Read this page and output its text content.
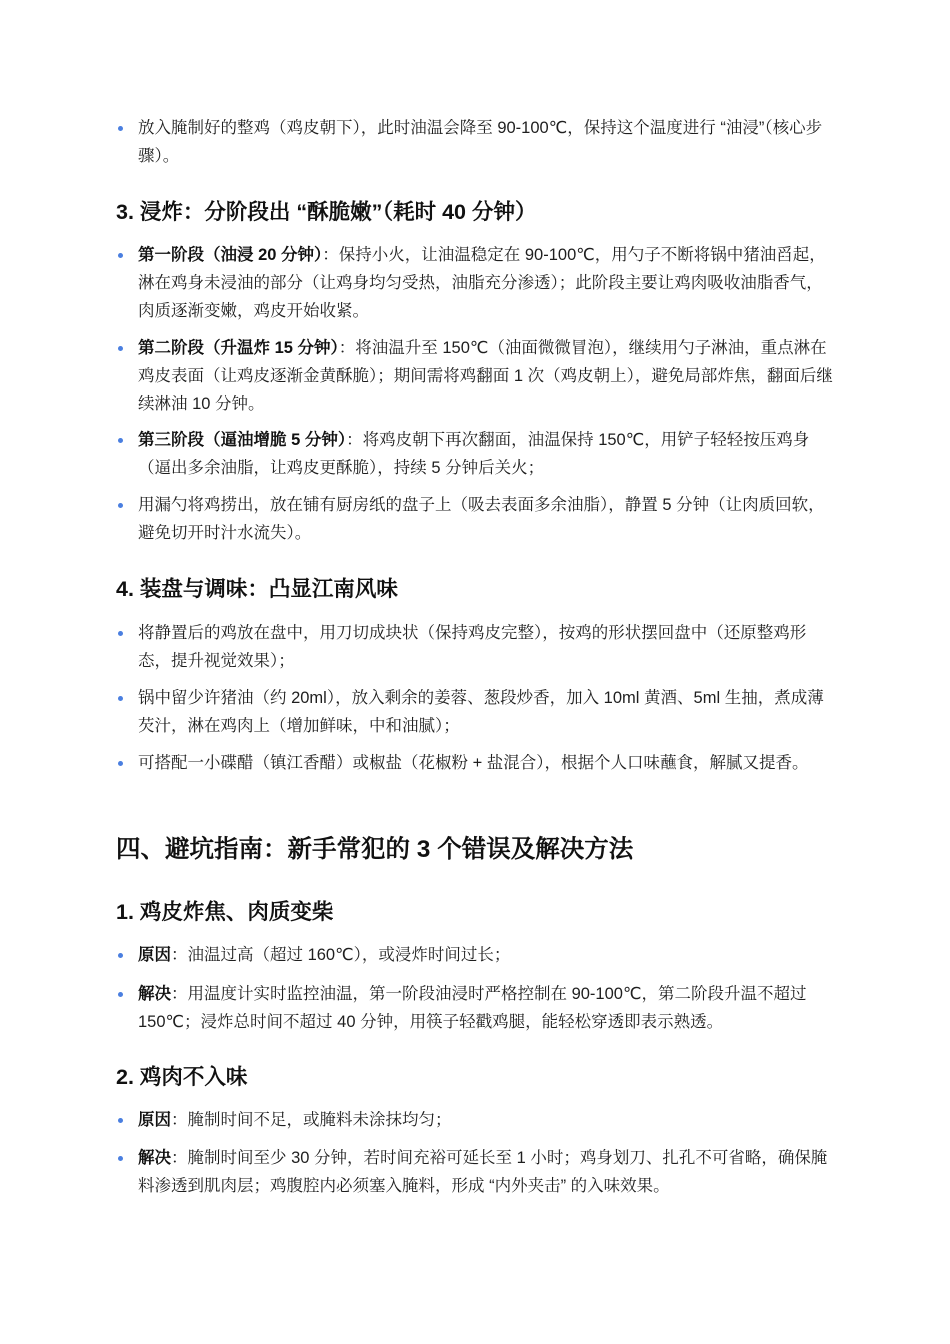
放入腌制好的整鸡（鸡皮朝下），此时油温会降至 90-100℃，保持这个温度进行 “油浸”（核心步骤）。
3. 浸炸：分阶段出 “酥脆嫩”（耗时 40 分钟）
第一阶段（油浸 20 分钟）：保持小火，让油温稳定在 90-100℃，用勺子不断将锅中猪油舀起，淋在鸡身未浸油的部分（让鸡身均匀受热，油脂充分渗透）；此阶段主要让鸡肉吸收油脂香气，肉质逐渐变嫩，鸡皮开始收紧。
第二阶段（升温炸 15 分钟）：将油温升至 150℃（油面微微冒泡），继续用勺子淋油，重点淋在鸡皮表面（让鸡皮逐渐金黄酥脆）；期间需将鸡翻面 1 次（鸡皮朝上），避免局部炸焦，翻面后继续淋油 10 分钟。
第三阶段（逼油增脆 5 分钟）：将鸡皮朝下再次翻面，油温保持 150℃，用铲子轻轻按压鸡身（逼出多余油脂，让鸡皮更酥脆），持续 5 分钟后关火；
用漏勺将鸡捞出，放在铺有厨房纸的盘子上（吸去表面多余油脂），静置 5 分钟（让肉质回软，避免切开时汁水流失）。
4. 装盘与调味：凸显江南风味
将静置后的鸡放在盘中，用刀切成块状（保持鸡皮完整），按鸡的形状摆回盘中（还原整鸡形态，提升视觉效果）；
锅中留少许猪油（约 20ml），放入剩余的姜蓉、葱段炒香，加入 10ml 黄酒、5ml 生抽，煮成薄芡汁，淋在鸡肉上（增加鲜味，中和油腻）；
可搭配一小碟醋（镇江香醋）或椒盐（花椒粉 + 盐混合），根据个人口味蘸食，解腻又提香。
四、避坑指南：新手常犯的 3 个错误及解决方法
1. 鸡皮炸焦、肉质变柴
原因：油温过高（超过 160℃），或浸炸时间过长；
解决：用温度计实时监控油温，第一阶段油浸时严格控制在 90-100℃，第二阶段升温不超过 150℃；浸炸总时间不超过 40 分钟，用筷子轻戳鸡腿，能轻松穿透即表示熟透。
2. 鸡肉不入味
原因：腌制时间不足，或腌料未涂抹均匀；
解决：腌制时间至少 30 分钟，若时间充裕可延长至 1 小时；鸡身划刀、扎孔不可省略，确保腌料渗透到肌肉层；鸡腹腔内必须塞入腌料，形成 “内外夹击” 的入味效果。
